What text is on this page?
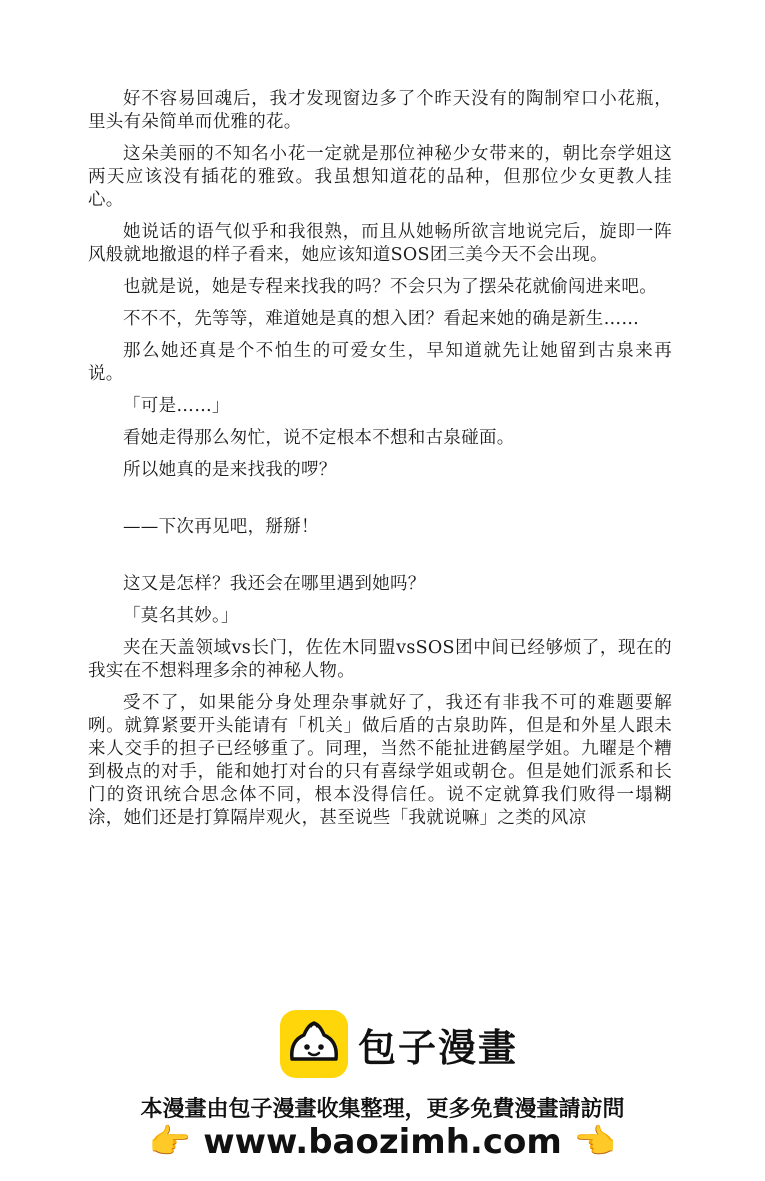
好不容易回魂后，我才发现窗边多了个昨天没有的陶制窄口小花瓶，里头有朵简单而优雅的花。

这朵美丽的不知名小花一定就是那位神秘少女带来的，朝比奈学姐这两天应该没有插花的雅致。我虽想知道花的品种，但那位少女更教人挂心。

她说话的语气似乎和我很熟，而且从她畅所欲言地说完后，旋即一阵风般就地撤退的样子看来，她应该知道SOS团三美今天不会出现。

也就是说，她是专程来找我的吗？不会只为了摆朵花就偷闯进来吧。

不不不，先等等，难道她是真的想入团？看起来她的确是新生……

那么她还真是个不怕生的可爱女生，早知道就先让她留到古泉来再说。

「可是……」

看她走得那么匆忙，说不定根本不想和古泉碰面。

所以她真的是来找我的啰？

——下次再见吧，掰掰！

这又是怎样？我还会在哪里遇到她吗？

「莫名其妙。」

夹在天盖领域vs长门，佐佐木同盟vsSOS团中间已经够烦了，现在的我实在不想料理多余的神秘人物。

受不了，如果能分身处理杂事就好了，我还有非我不可的难题要解咧。就算紧要开头能请有「机关」做后盾的古泉助阵，但是和外星人跟未来人交手的担子已经够重了。同理，当然不能扯进鹤屋学姐。九曜是个糟到极点的对手，能和她打对台的只有喜绿学姐或朝仓。但是她们派系和长门的资讯统合思念体不同，根本没得信任。说不定就算我们败得一塌糊涂，她们还是打算隔岸观火，甚至说些「我就说嘛」之类的风凉

包子漫畫
本漫畫由包子漫畫收集整理，更多免費漫畫請訪問
👉 www.baozimh.com 👈
